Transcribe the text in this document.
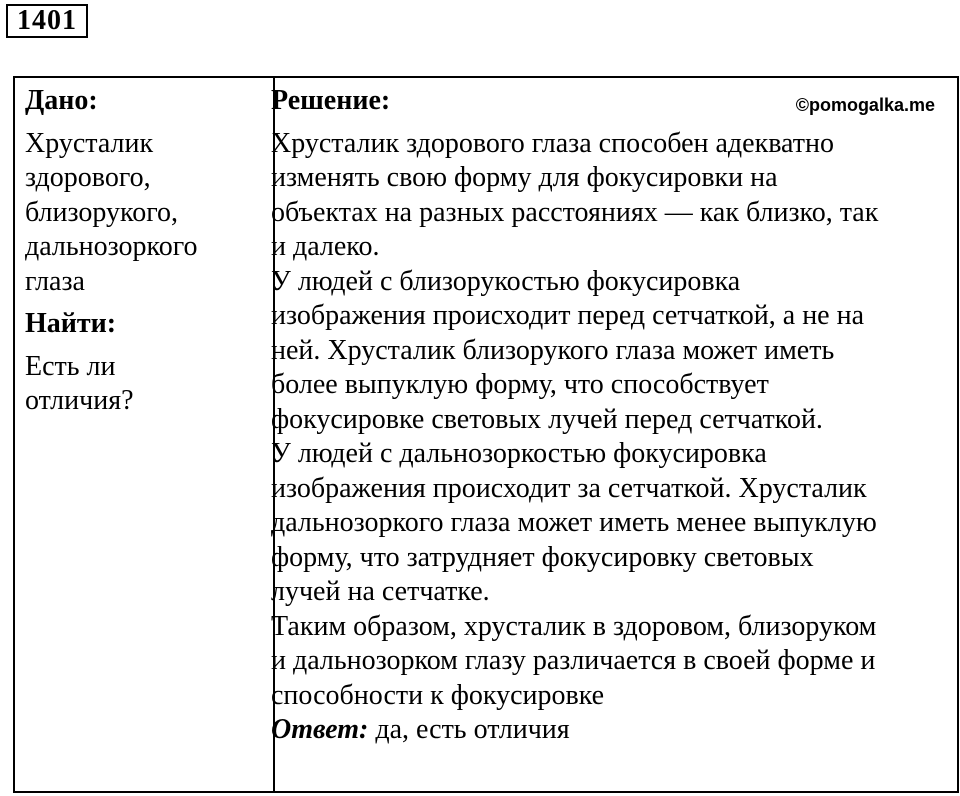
1401

Дано:

Хрусталик
здорового,
близорукого,
дальнозоркого
глаза

Найти:

Есть ли
отличия?

Решение:	©pomogalka.me
Хрусталик здорового глаза способен адекватно
изменять свою форму для фокусировки на
объектах на разных расстояниях — как близко, так
и далеко.
У людей с близорукостью фокусировка
изображения происходит перед сетчаткой, а не на
ней. Хрусталик близорукого глаза может иметь
более выпуклую форму, что способствует
фокусировке световых лучей перед сетчаткой.
У людей с дальнозоркостью фокусировка
изображения происходит за сетчаткой. Хрусталик
дальнозоркого глаза может иметь менее выпуклую
форму, что затрудняет фокусировку световых
лучей на сетчатке.
Таким образом, хрусталик в здоровом, близоруком
и дальнозорком глазу различается в своей форме и
способности к фокусировке
Ответ: да, есть отличия
